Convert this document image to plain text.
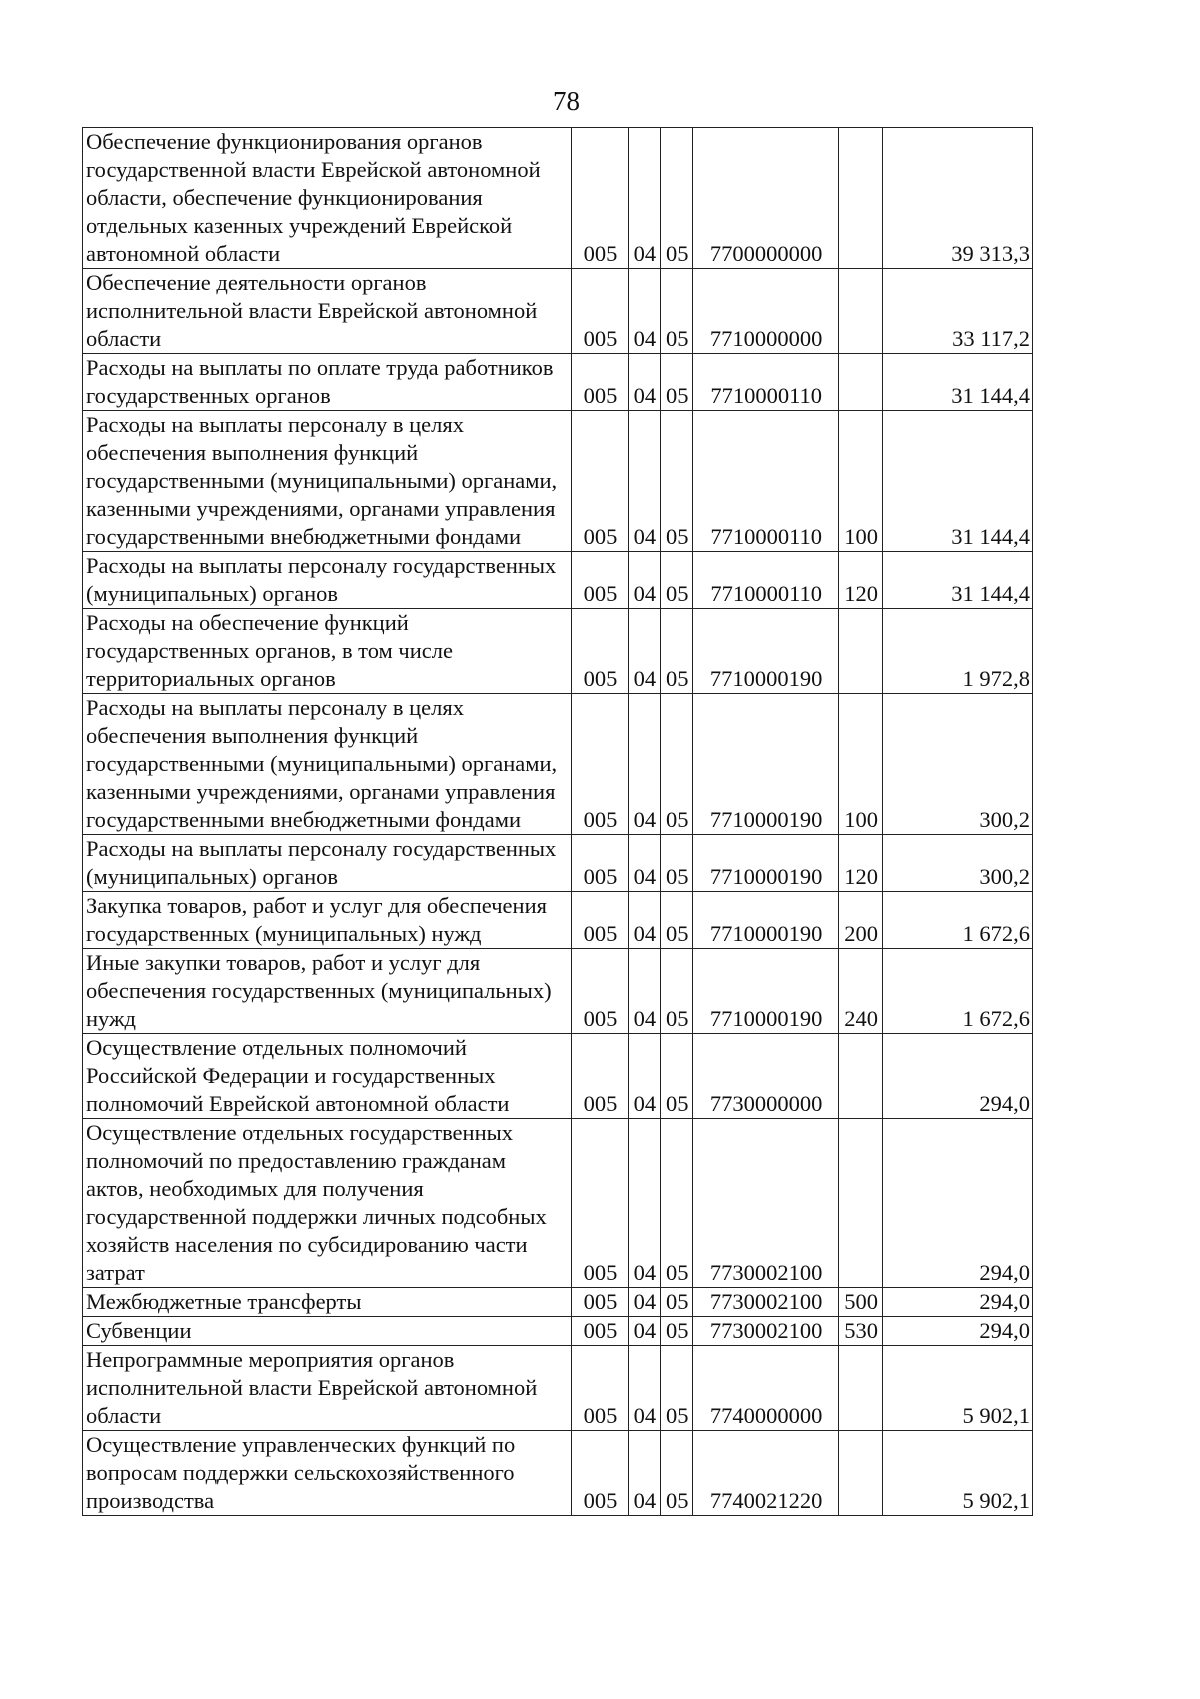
78
Обеспечение функционирования органов государственной власти Еврейской автономной области, обеспечение функционирования отдельных казенных учреждений Еврейской автономной области	005	04	05	7700000000		39 313,3
Обеспечение деятельности органов исполнительной власти Еврейской автономной области	005	04	05	7710000000		33 117,2
Расходы на выплаты по оплате труда работников государственных органов	005	04	05	7710000110		31 144,4
Расходы на выплаты персоналу в целях обеспечения выполнения функций государственными (муниципальными) органами, казенными учреждениями, органами управления государственными внебюджетными фондами	005	04	05	7710000110	100	31 144,4
Расходы на выплаты персоналу государственных (муниципальных) органов	005	04	05	7710000110	120	31 144,4
Расходы на обеспечение функций государственных органов, в том числе территориальных органов	005	04	05	7710000190		1 972,8
Расходы на выплаты персоналу в целях обеспечения выполнения функций государственными (муниципальными) органами, казенными учреждениями, органами управления государственными внебюджетными фондами	005	04	05	7710000190	100	300,2
Расходы на выплаты персоналу государственных (муниципальных) органов	005	04	05	7710000190	120	300,2
Закупка товаров, работ и услуг для обеспечения государственных (муниципальных) нужд	005	04	05	7710000190	200	1 672,6
Иные закупки товаров, работ и услуг для обеспечения государственных (муниципальных) нужд	005	04	05	7710000190	240	1 672,6
Осуществление отдельных полномочий Российской Федерации и государственных полномочий Еврейской автономной области	005	04	05	7730000000		294,0
Осуществление отдельных государственных полномочий по предоставлению гражданам актов, необходимых для получения государственной поддержки личных подсобных хозяйств населения по субсидированию части затрат	005	04	05	7730002100		294,0
Межбюджетные трансферты	005	04	05	7730002100	500	294,0
Субвенции	005	04	05	7730002100	530	294,0
Непрограммные мероприятия органов исполнительной власти Еврейской автономной области	005	04	05	7740000000		5 902,1
Осуществление управленческих функций по вопросам поддержки сельскохозяйственного производства	005	04	05	7740021220		5 902,1
